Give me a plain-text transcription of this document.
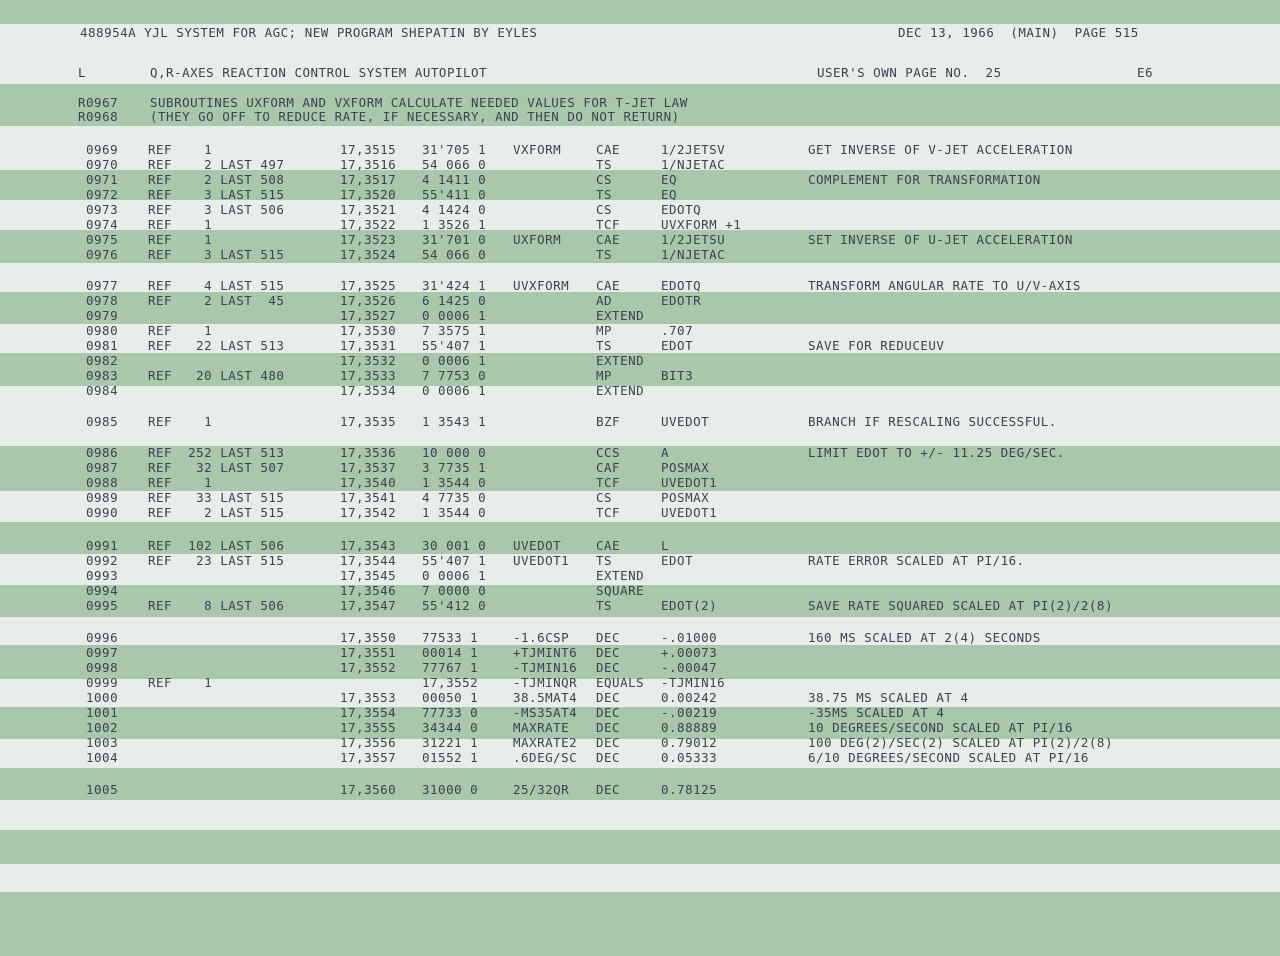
488954A YJL SYSTEM FOR AGC; NEW PROGRAM SHEPATIN BY EYLES	DEC 13, 1966  (MAIN)  PAGE 515
L	Q,R-AXES REACTION CONTROL SYSTEM AUTOPILOT	USER'S OWN PAGE NO.  25	E6
R0967	SUBROUTINES UXFORM AND VXFORM CALCULATE NEEDED VALUES FOR T-JET LAW
R0968	(THEY GO OFF TO REDUCE RATE, IF NECESSARY, AND THEN DO NOT RETURN)
0969 REF    1	17,3515 31'705 1 VXFORM	CAE	1/2JETSV	GET INVERSE OF V-JET ACCELERATION
0970 REF    2 LAST 497	17,3516 54 066 0	TS	1/NJETAC
0971 REF    2 LAST 508	17,3517 4 1411 0	CS	EQ	COMPLEMENT FOR TRANSFORMATION
0972 REF    3 LAST 515	17,3520 55'411 0	TS	EQ
0973 REF    3 LAST 506	17,3521 4 1424 0	CS	EDOTQ
0974 REF    1	17,3522 1 3526 1	TCF	UVXFORM +1
0975 REF    1	17,3523 31'701 0 UXFORM	CAE	1/2JETSU	SET INVERSE OF U-JET ACCELERATION
0976 REF    3 LAST 515	17,3524 54 066 0	TS	1/NJETAC
0977 REF    4 LAST 515	17,3525 31'424 1 UVXFORM CAE	EDOTQ	TRANSFORM ANGULAR RATE TO U/V-AXIS
0978 REF    2 LAST  45	17,3526 6 1425 0	AD	EDOTR
0979	17,3527 0 0006 1	EXTEND
0980 REF    1	17,3530 7 3575 1	MP	.707
0981 REF   22 LAST 513	17,3531 55'407 1	TS	EDOT	SAVE FOR REDUCEUV
0982	17,3532 0 0006 1	EXTEND
0983 REF   20 LAST 480	17,3533 7 7753 0	MP	BIT3
0984	17,3534 0 0006 1	EXTEND
0985 REF    1	17,3535 1 3543 1	BZF	UVEDOT	BRANCH IF RESCALING SUCCESSFUL.
0986 REF  252 LAST 513	17,3536 10 000 0	CCS	A	LIMIT EDOT TO +/- 11.25 DEG/SEC.
0987 REF   32 LAST 507	17,3537 3 7735 1	CAF	POSMAX
0988 REF    1	17,3540 1 3544 0	TCF	UVEDOT1
0989 REF   33 LAST 515	17,3541 4 7735 0	CS	POSMAX
0990 REF    2 LAST 515	17,3542 1 3544 0	TCF	UVEDOT1
0991 REF  102 LAST 506	17,3543 30 001 0 UVEDOT	CAE	L
0992 REF   23 LAST 515	17,3544 55'407 1 UVEDOT1 TS	EDOT	RATE ERROR SCALED AT PI/16.
0993	17,3545 0 0006 1	EXTEND
0994	17,3546 7 0000 0	SQUARE
0995 REF    8 LAST 506	17,3547 55'412 0	TS	EDOT(2)	SAVE RATE SQUARED SCALED AT PI(2)/2(8)
0996	17,3550 77533 1	-1.6CSP DEC	-.01000	160 MS SCALED AT 2(4) SECONDS
0997	17,3551 00014 1	+TJMINT6 DEC	+.00073
0998	17,3552 77767 1	-TJMIN16 DEC	-.00047
0999 REF    1	17,3552	-TJMINQR EQUALS -TJMIN16
1000	17,3553 00050 1	38.5MAT4 DEC	0.00242	38.75 MS SCALED AT 4
1001	17,3554 77733 0	-MS35AT4 DEC	-.00219	-35MS SCALED AT 4
1002	17,3555 34344 0	MAXRATE DEC	0.88889	10 DEGREES/SECOND SCALED AT PI/16
1003	17,3556 31221 1	MAXRATE2 DEC	0.79012	100 DEG(2)/SEC(2) SCALED AT PI(2)/2(8)
1004	17,3557 01552 1	.6DEG/SC DEC	0.05333	6/10 DEGREES/SECOND SCALED AT PI/16
1005	17,3560 31000 0	25/32QR DEC	0.78125
